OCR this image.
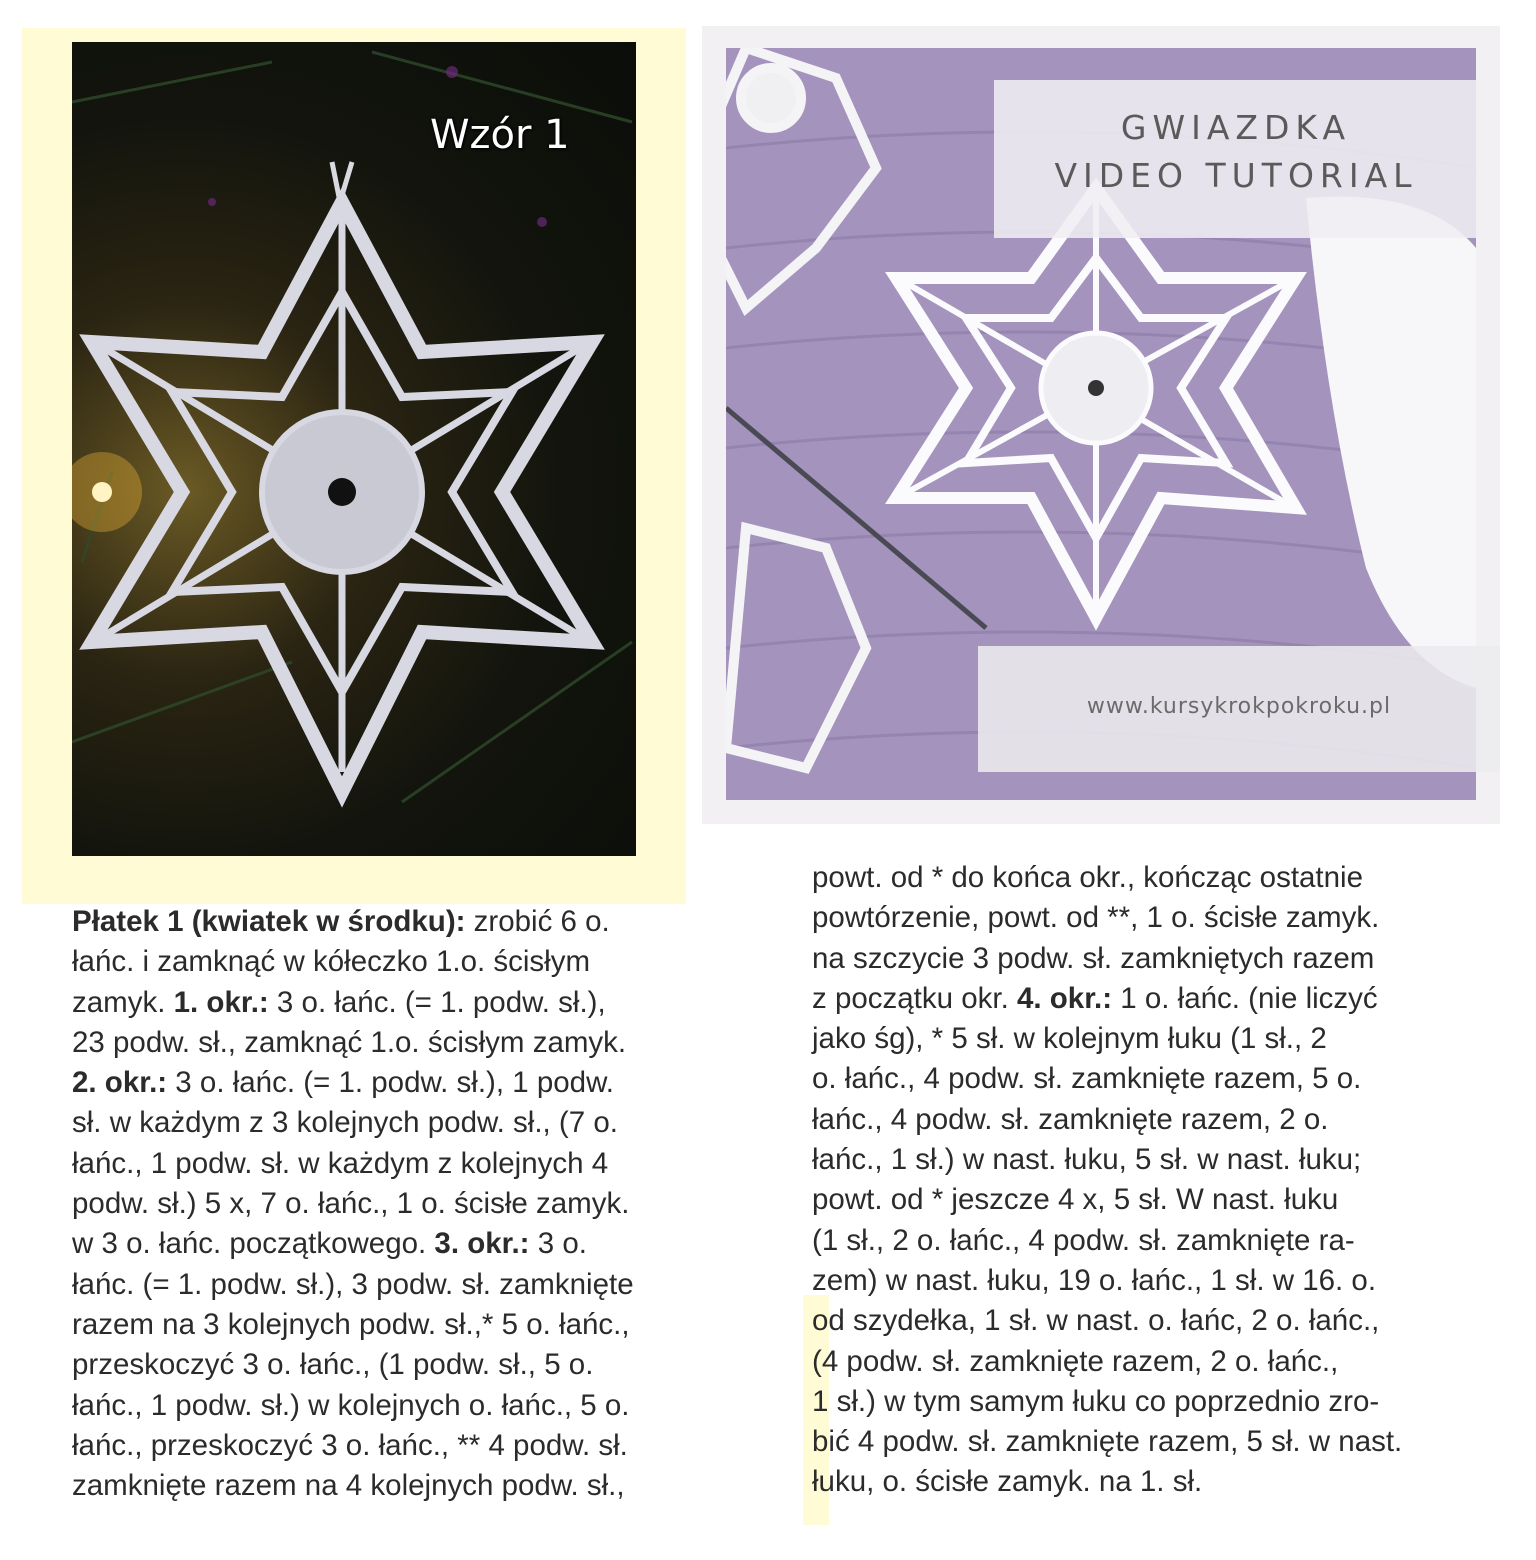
Wzór 1	GWIAZDKA
VIDEO TUTORIAL
www.kursykrokpokroku.pl
Płatek 1 (kwiatek w środku): zrobić 6 o.
łańc. i zamknąć w kółeczko 1.o. ścisłym
zamyk. 1. okr.: 3 o. łańc. (= 1. podw. sł.),
23 podw. sł., zamknąć 1.o. ścisłym zamyk.
2. okr.: 3 o. łańc. (= 1. podw. sł.), 1 podw.
sł. w każdym z 3 kolejnych podw. sł., (7 o.
łańc., 1 podw. sł. w każdym z kolejnych 4
podw. sł.) 5 x, 7 o. łańc., 1 o. ścisłe zamyk.
w 3 o. łańc. początkowego. 3. okr.: 3 o.
łańc. (= 1. podw. sł.), 3 podw. sł. zamknięte
razem na 3 kolejnych podw. sł.,* 5 o. łańc.,
przeskoczyć 3 o. łańc., (1 podw. sł., 5 o.
łańc., 1 podw. sł.) w kolejnych o. łańc., 5 o.
łańc., przeskoczyć 3 o. łańc., ** 4 podw. sł.
zamknięte razem na 4 kolejnych podw. sł.,
powt. od * do końca okr., kończąc ostatnie
powtórzenie, powt. od **, 1 o. ścisłe zamyk.
na szczycie 3 podw. sł. zamkniętych razem
z początku okr. 4. okr.: 1 o. łańc. (nie liczyć
jako śg), * 5 sł. w kolejnym łuku (1 sł., 2
o. łańc., 4 podw. sł. zamknięte razem, 5 o.
łańc., 4 podw. sł. zamknięte razem, 2 o.
łańc., 1 sł.) w nast. łuku, 5 sł. w nast. łuku;
powt. od * jeszcze 4 x, 5 sł. W nast. łuku
(1 sł., 2 o. łańc., 4 podw. sł. zamknięte ra-
zem) w nast. łuku, 19 o. łańc., 1 sł. w 16. o.
od szydełka, 1 sł. w nast. o. łańc, 2 o. łańc.,
(4 podw. sł. zamknięte razem, 2 o. łańc.,
1 sł.) w tym samym łuku co poprzednio zro-
bić 4 podw. sł. zamknięte razem, 5 sł. w nast.
łuku, o. ścisłe zamyk. na 1. sł.
